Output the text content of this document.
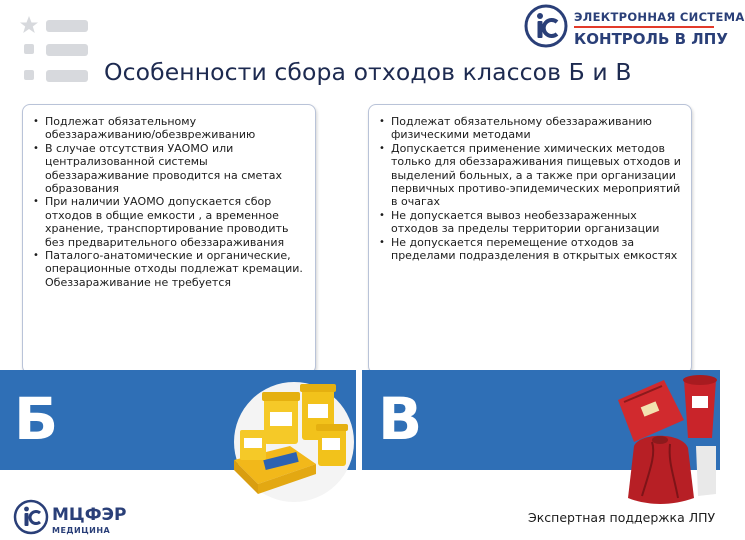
ЭЛЕКТРОННАЯ СИСТЕМА
КОНТРОЛЬ В ЛПУ
Особенности сбора отходов классов Б и В
• Подлежат обязательному обеззараживанию/обезвреживанию
• В случае отсутствия УАОМО или централизованной системы обеззараживание проводится на сметах образования
• При наличии УАОМО допускается сбор отходов в общие емкости , а временное хранение, транспортирование проводить без предварительного обеззараживания
• Паталого-анатомические и органические, операционные отходы подлежат кремации. Обеззараживание не требуется
• Подлежат обязательному обеззараживанию физическими методами
• Допускается применение химических методов только для обеззараживания пищевых отходов и выделений больных, а а также при организации первичных противо-эпидемических мероприятий в очагах
• Не допускается вывоз необеззараженных отходов за пределы территории организации
• Не допускается перемещение отходов за пределами подразделения в открытых емкостях
Б	В
МЦФЭР
МЕДИЦИНА
Экспертная поддержка ЛПУ
